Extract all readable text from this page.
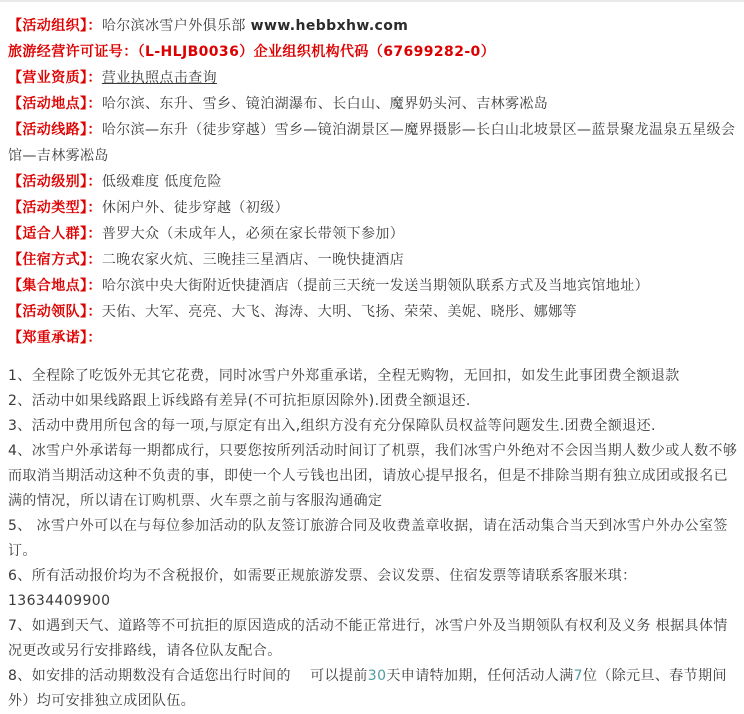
【活动组织】：哈尔滨冰雪户外俱乐部 www.hebbxhw.com
旅游经营许可证号：（L-HLJB0036）企业组织机构代码（67699282-0）
【营业资质】：营业执照点击查询
【活动地点】：哈尔滨、东升、雪乡、镜泊湖瀑布、长白山、魔界奶头河、吉林雾凇岛
【活动线路】：哈尔滨—东升（徒步穿越）雪乡—镜泊湖景区—魔界摄影—长白山北坡景区—蓝景聚龙温泉五星级会馆—吉林雾凇岛
【活动级别】：低级难度 低度危险
【活动类型】：休闲户外、徒步穿越（初级）
【适合人群】：普罗大众（未成年人，必须在家长带领下参加）
【住宿方式】：二晚农家火炕、三晚挂三星酒店、一晚快捷酒店
【集合地点】：哈尔滨中央大街附近快捷酒店（提前三天统一发送当期领队联系方式及当地宾馆地址）
【活动领队】：天佑、大军、亮亮、大飞、海涛、大明、飞扬、荣荣、美妮、晓彤、娜娜等
【郑重承诺】：

1、全程除了吃饭外无其它花费，同时冰雪户外郑重承诺，全程无购物，无回扣，如发生此事团费全额退款

2、活动中如果线路跟上诉线路有差异(不可抗拒原因除外).团费全额退还.

3、活动中费用所包含的每一项,与原定有出入,组织方没有充分保障队员权益等问题发生.团费全额退还.

4、冰雪户外承诺每一期都成行，只要您按所列活动时间订了机票，我们冰雪户外绝对不会因当期人数少或人数不够而取消当期活动这种不负责的事，即使一个人亏钱也出团，请放心提早报名，但是不排除当期有独立成团或报名已满的情况，所以请在订购机票、火车票之前与客服沟通确定

5、 冰雪户外可以在与每位参加活动的队友签订旅游合同及收费盖章收据，请在活动集合当天到冰雪户外办公室签订。

6、所有活动报价均为不含税报价，如需要正规旅游发票、会议发票、住宿发票等请联系客服米琪：13634409900

7、如遇到天气、道路等不可抗拒的原因造成的活动不能正常进行，冰雪户外及当期领队有权利及义务 根据具体情况更改或另行安排路线，请各位队友配合。

8、如安排的活动期数没有合适您出行时间的　 可以提前30天申请特加期，任何活动人满7位（除元旦、春节期间外）均可安排独立成团队伍。
